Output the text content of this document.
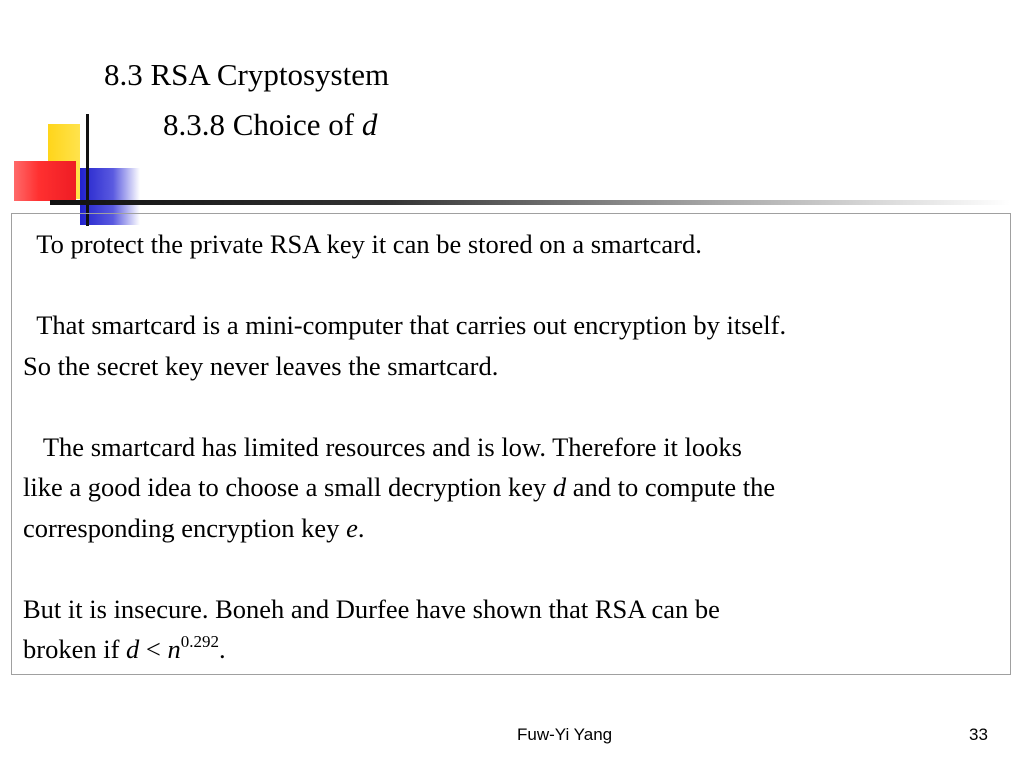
8.3 RSA Cryptosystem
8.3.8 Choice of d

To protect the private RSA key it can be stored on a smartcard.

That smartcard is a mini-computer that carries out encryption by itself.

So the secret key never leaves the smartcard.

The smartcard has limited resources and is low. Therefore it looks

like a good idea to choose a small decryption key d and to compute the

corresponding encryption key e.

But it is insecure. Boneh and Durfee have shown that RSA can be

broken if $d < n^{0.292}$.

Fuw-Yi Yang	33
